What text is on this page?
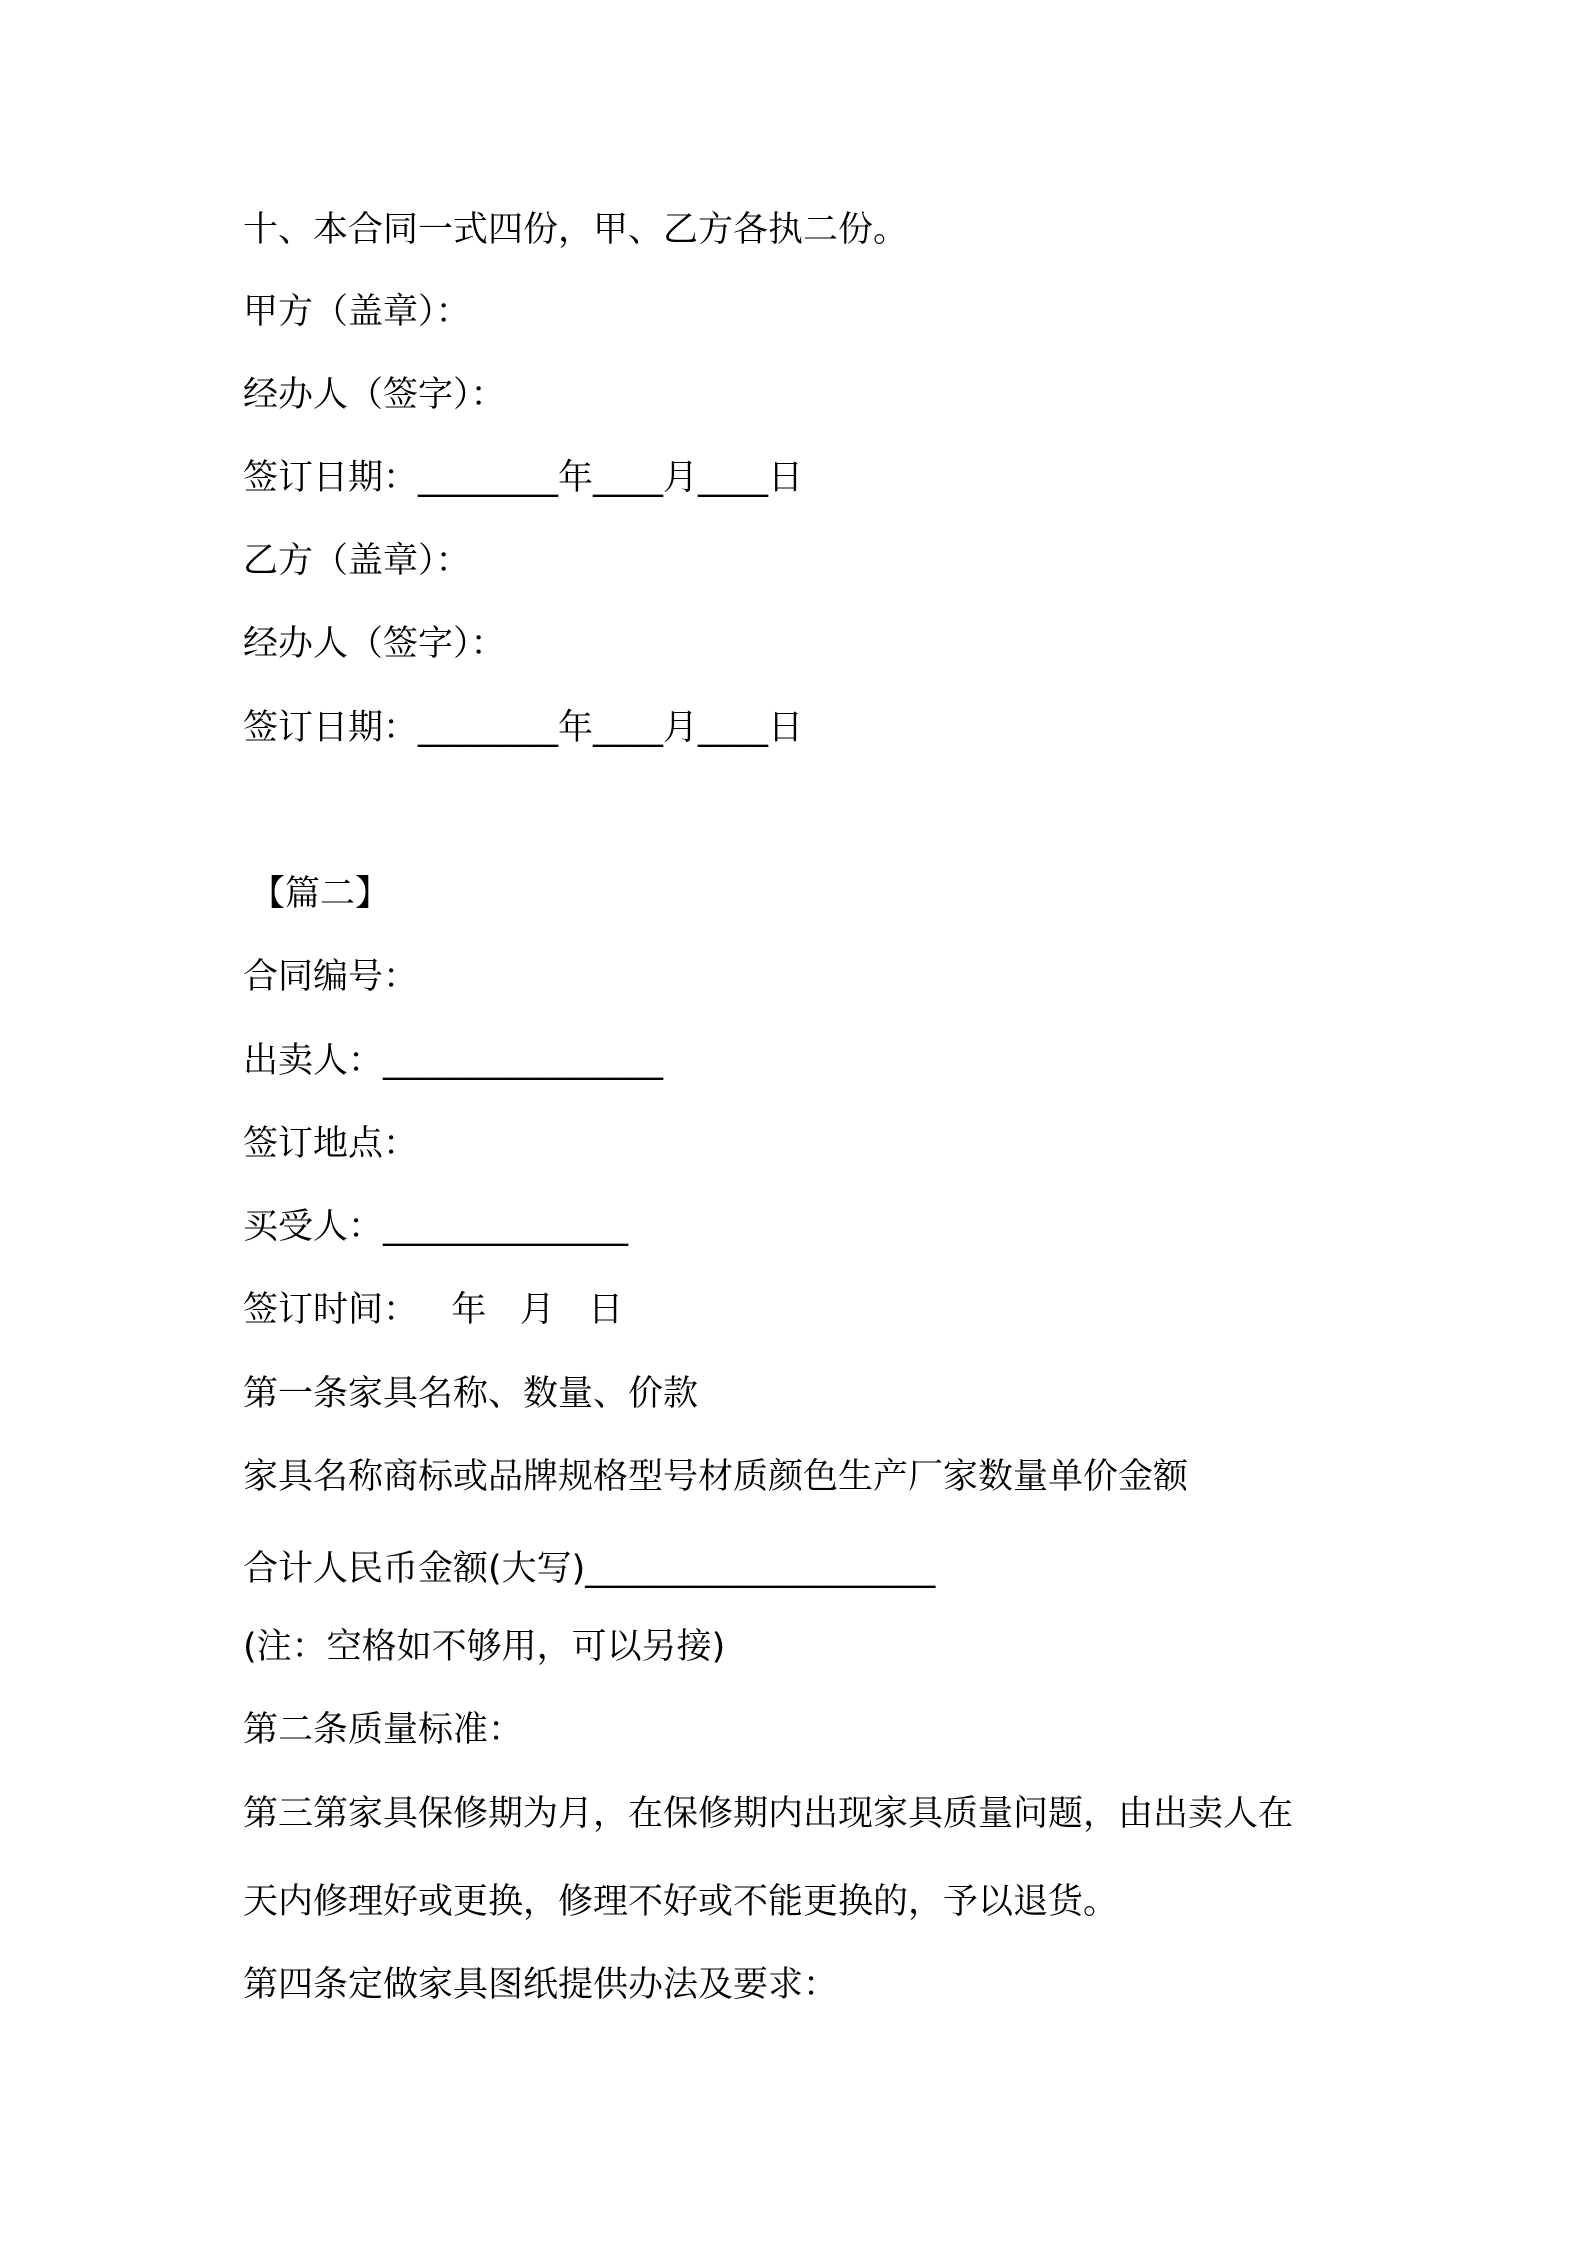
十、本合同一式四份，甲、乙方各执二份。
甲方（盖章）：
经办人（签字）：
签订日期：________年____月____日
乙方（盖章）：
经办人（签字）：
签订日期：________年____月____日
【篇二】
合同编号：
出卖人：________________
签订地点：
买受人：______________
签订时间：   年   月   日
第一条家具名称、数量、价款
家具名称商标或品牌规格型号材质颜色生产厂家数量单价金额
合计人民币金额(大写)____________________
(注：空格如不够用，可以另接)
第二条质量标准：
第三第家具保修期为月，在保修期内出现家具质量问题，由出卖人在
天内修理好或更换，修理不好或不能更换的，予以退货。
第四条定做家具图纸提供办法及要求：
